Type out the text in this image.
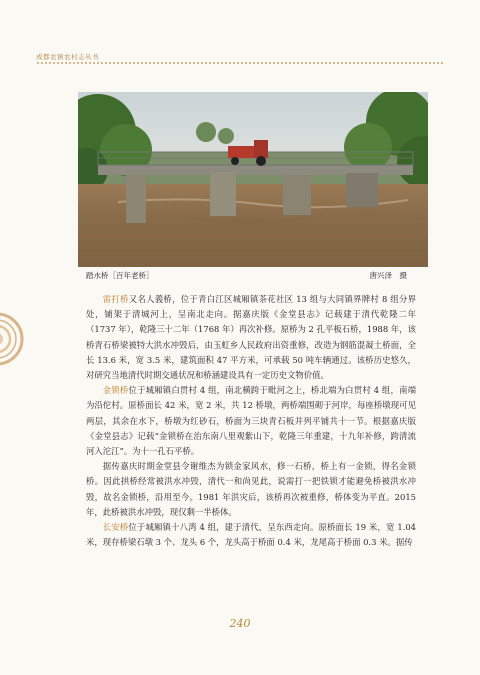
成都农镇农村志丛书
踏水桥［百年老桥］	唐兴泽　摄

雷打桥又名人義桥，位于青白江区城厢镇茶花社区 13 组与大同镇界牌村 8 组分界处，铺架于清城河上，呈南北走向。据嘉庆版《金堂县志》记载建于清代乾隆二年（1737 年），乾隆三十二年（1768 年）再次补修。原桥为 2 孔平板石桥，1988 年，该桥青石桥梁被特大洪水冲毁后，由玉虹乡人民政府出资重修，改造为钢筋混凝土桥面，全长 13.6 米，宽 3.5 米，建筑面积 47 平方米，可承载 50 吨车辆通过。该桥历史悠久，对研究当地清代时期交通状况和桥涵建设具有一定历史文物价值。

金锁桥位于城厢镇白贯村 4 组，南北横跨于毗河之上，桥北端为白贯村 4 组，南端为沿佗村。原桥面长 42 米，宽 2 米，共 12 桥墩，两桥端围砌于河岸，每座桥墩现可见两层，其余在水下，桥墩为红砂石，桥面为三块青石板并列平铺共十一节。根据嘉庆版《金堂县志》记载“金锁桥在治东南八里观紫山下，乾隆三年重建，十九年补修，跨清流河入沱江”。为十一孔石平桥。

据传嘉庆时期金堂县令谢维杰为锁金家风水，修一石桥，桥上有一金锁，得名金锁桥。因此拱桥经常被洪水冲毁，清代一和尚见此，说需打一把铁锁才能避免桥被洪水冲毁，故名金锁桥，沿用至今。1981 年洪灾后，该桥再次被重修，桥体变为平直。2015 年，此桥被洪水冲毁，现仅剩一半桥体。

长安桥位于城厢镇十八湾 4 组，建于清代，呈东西走向。原桥面长 19 米，宽 1.04 米，现存桥梁石墩 3 个、龙头 6 个，龙头高于桥面 0.4 米，龙尾高于桥面 0.3 米。据传

240
